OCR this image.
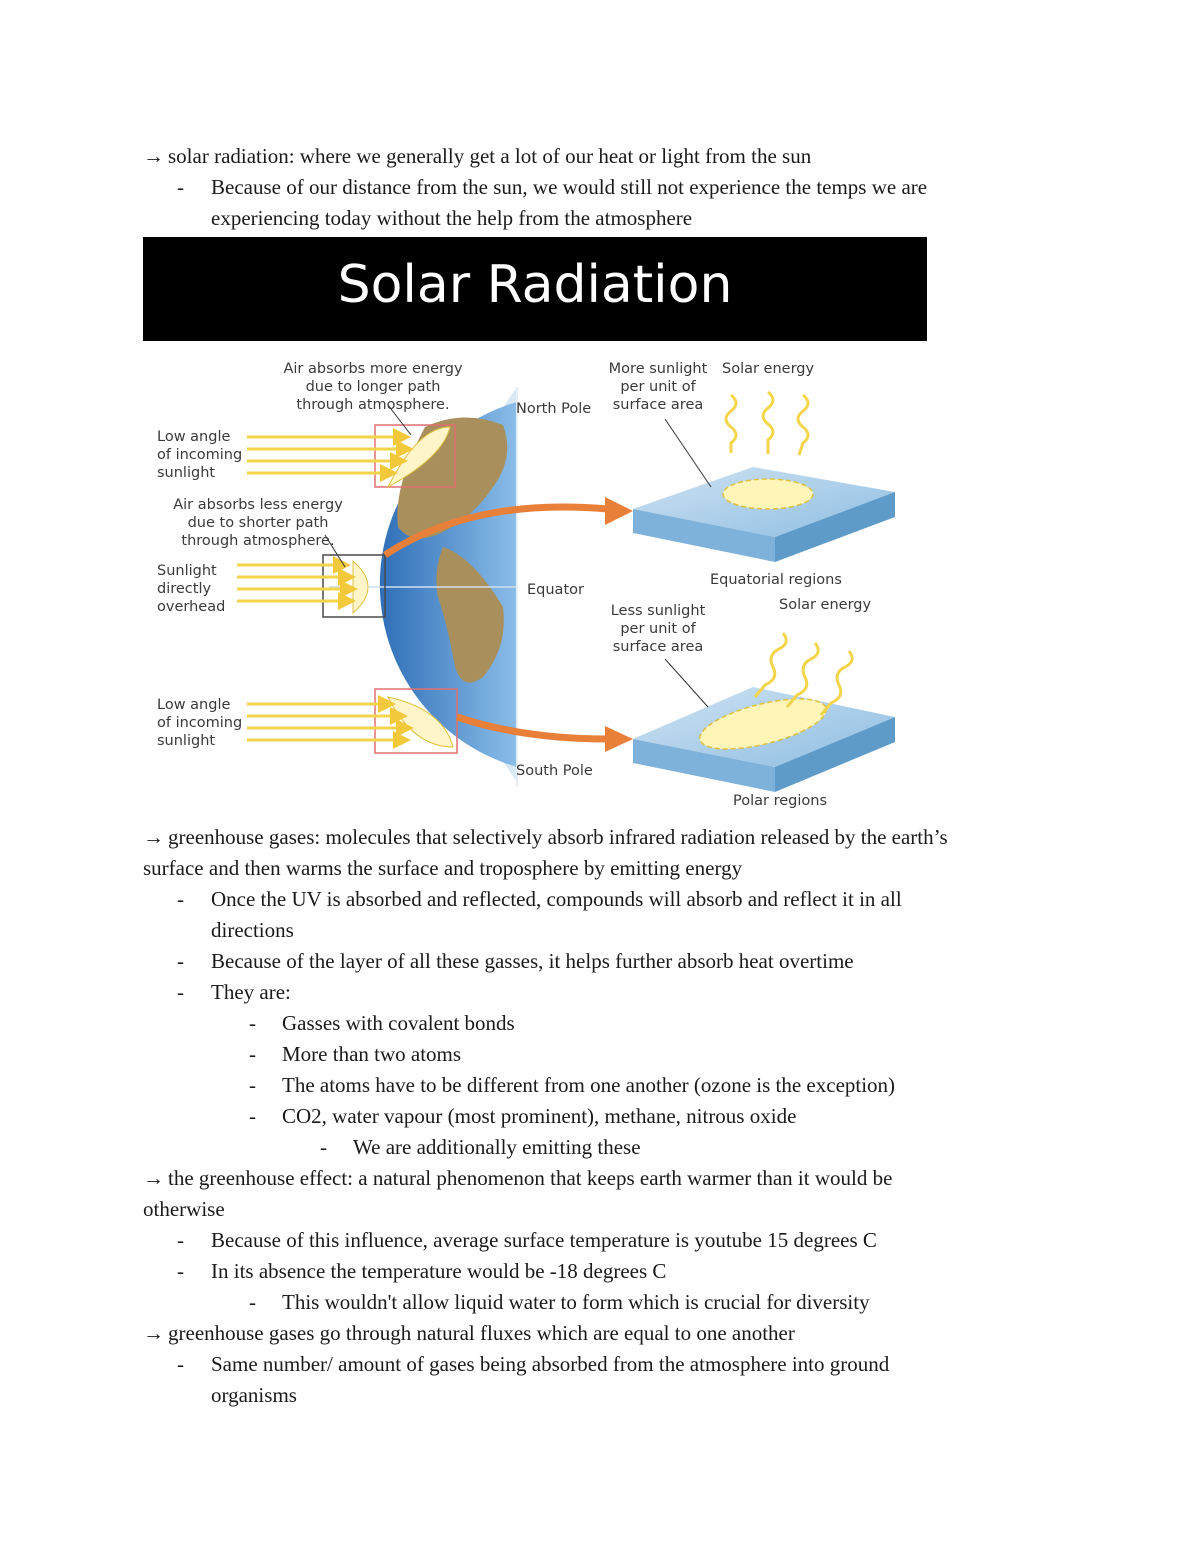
→ solar radiation: where we generally get a lot of our heat or light from the sun
- Because of our distance from the sun, we would still not experience the temps we are
experiencing today without the help from the atmosphere
Solar Radiation
Air absorbs more energy
due to longer path
through atmosphere.	North Pole
Low angle
of incoming
sunlight
Air absorbs less energy
due to shorter path
through atmosphere.
Sunlight
directly
overhead
Equator
Low angle
of incoming
sunlight
South Pole
More sunlight
per unit of
surface area
Solar energy
Equatorial regions
Less sunlight
per unit of
surface area
Solar energy
Polar regions
→ greenhouse gases: molecules that selectively absorb infrared radiation released by the earth’s
surface and then warms the surface and troposphere by emitting energy
- Once the UV is absorbed and reflected, compounds will absorb and reflect it in all
directions
- Because of the layer of all these gasses, it helps further absorb heat overtime
- They are:
- Gasses with covalent bonds
- More than two atoms
- The atoms have to be different from one another (ozone is the exception)
- CO2, water vapour (most prominent), methane, nitrous oxide
- We are additionally emitting these
→ the greenhouse effect: a natural phenomenon that keeps earth warmer than it would be
otherwise
- Because of this influence, average surface temperature is youtube 15 degrees C
- In its absence the temperature would be -18 degrees C
- This wouldn't allow liquid water to form which is crucial for diversity
→ greenhouse gases go through natural fluxes which are equal to one another
- Same number/ amount of gases being absorbed from the atmosphere into ground
organisms
